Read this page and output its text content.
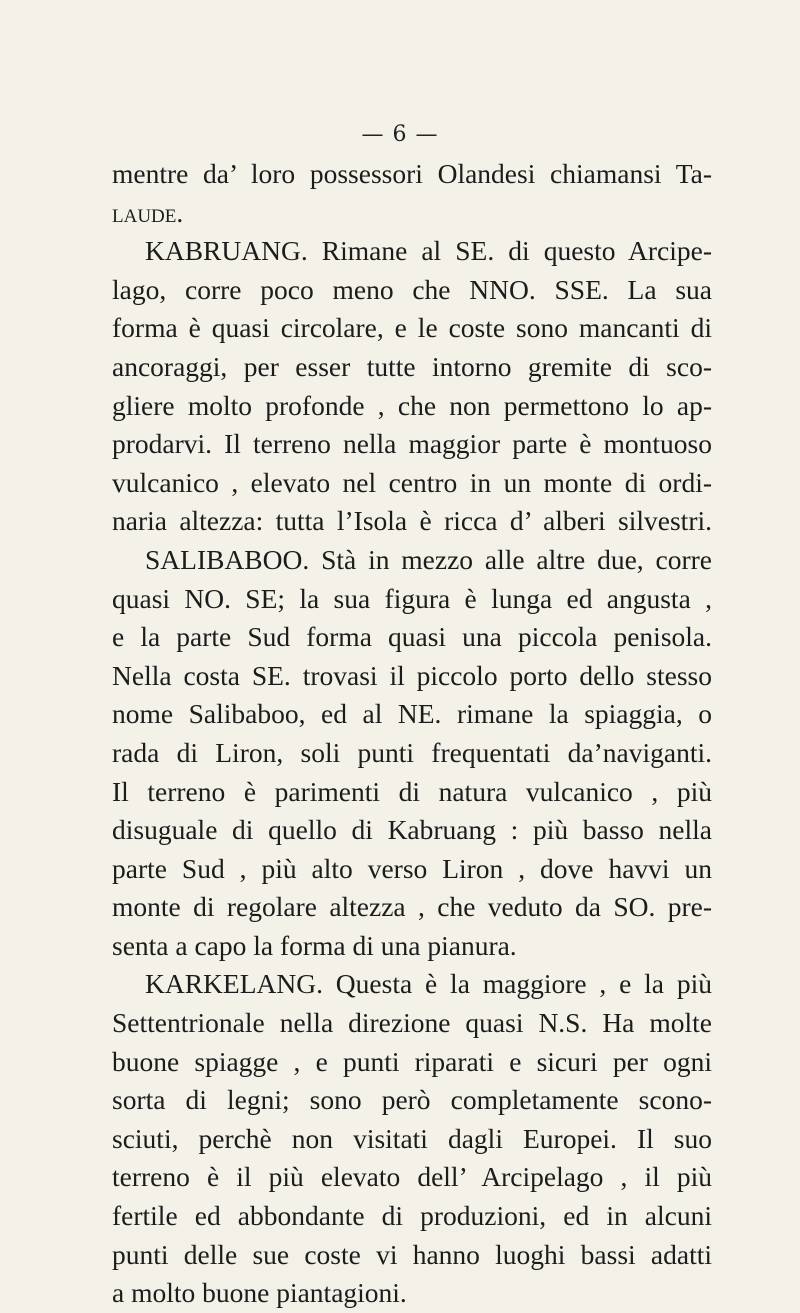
— 6 —
mentre da’ loro possessori Olandesi chiamansi Ta-
laude.
KABRUANG. Rimane al SE. di questo Arcipe-
lago, corre poco meno che NNO. SSE. La sua
forma è quasi circolare, e le coste sono mancanti di
ancoraggi, per esser tutte intorno gremite di sco-
gliere molto profonde , che non permettono lo ap-
prodarvi. Il terreno nella maggior parte è montuoso
vulcanico , elevato nel centro in un monte di ordi-
naria altezza: tutta l’Isola è ricca d’ alberi silvestri.
SALIBABOO. Stà in mezzo alle altre due, corre
quasi NO. SE; la sua figura è lunga ed angusta ,
e la parte Sud forma quasi una piccola penisola.
Nella costa SE. trovasi il piccolo porto dello stesso
nome Salibaboo, ed al NE. rimane la spiaggia, o
rada di Liron, soli punti frequentati da’naviganti.
Il terreno è parimenti di natura vulcanico , più
disuguale di quello di Kabruang : più basso nella
parte Sud , più alto verso Liron , dove havvi un
monte di regolare altezza , che veduto da SO. pre-
senta a capo la forma di una pianura.
KARKELANG. Questa è la maggiore , e la più
Settentrionale nella direzione quasi N.S. Ha molte
buone spiagge , e punti riparati e sicuri per ogni
sorta di legni; sono però completamente scono-
sciuti, perchè non visitati dagli Europei. Il suo
terreno è il più elevato dell’ Arcipelago , il più
fertile ed abbondante di produzioni, ed in alcuni
punti delle sue coste vi hanno luoghi bassi adatti
a molto buone piantagioni.
